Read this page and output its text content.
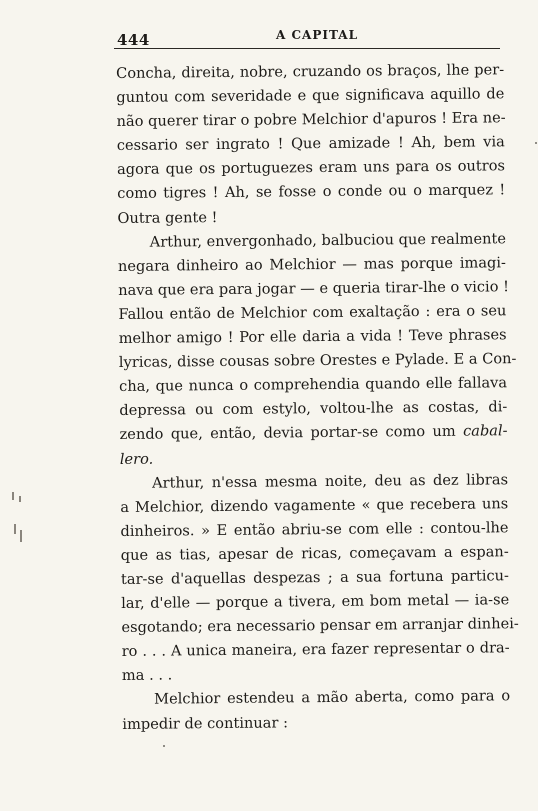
444	A CAPITAL
Concha, direita, nobre, cruzando os braços, lhe per-
guntou com severidade e que significava aquillo de
não querer tirar o pobre Melchior d'apuros ! Era ne-
cessario ser ingrato ! Que amizade ! Ah, bem via
agora que os portuguezes eram uns para os outros
como tigres ! Ah, se fosse o conde ou o marquez !
Outra gente !
Arthur, envergonhado, balbuciou que realmente
negara dinheiro ao Melchior — mas porque imagi-
nava que era para jogar — e queria tirar-lhe o vicio !
Fallou então de Melchior com exaltação : era o seu
melhor amigo ! Por elle daria a vida ! Teve phrases
lyricas, disse cousas sobre Orestes e Pylade. E a Con-
cha, que nunca o comprehendia quando elle fallava
depressa ou com estylo, voltou-lhe as costas, di-
zendo que, então, devia portar-se como um cabal-
lero.
Arthur, n'essa mesma noite, deu as dez libras
a Melchior, dizendo vagamente « que recebera uns
dinheiros. » E então abriu-se com elle : contou-lhe
que as tias, apesar de ricas, começavam a espan-
tar-se d'aquellas despezas ; a sua fortuna particu-
lar, d'elle — porque a tivera, em bom metal — ia-se
esgotando; era necessario pensar em arranjar dinhei-
ro . . . A unica maneira, era fazer representar o dra-
ma . . .
Melchior estendeu a mão aberta, como para o
impedir de continuar :
